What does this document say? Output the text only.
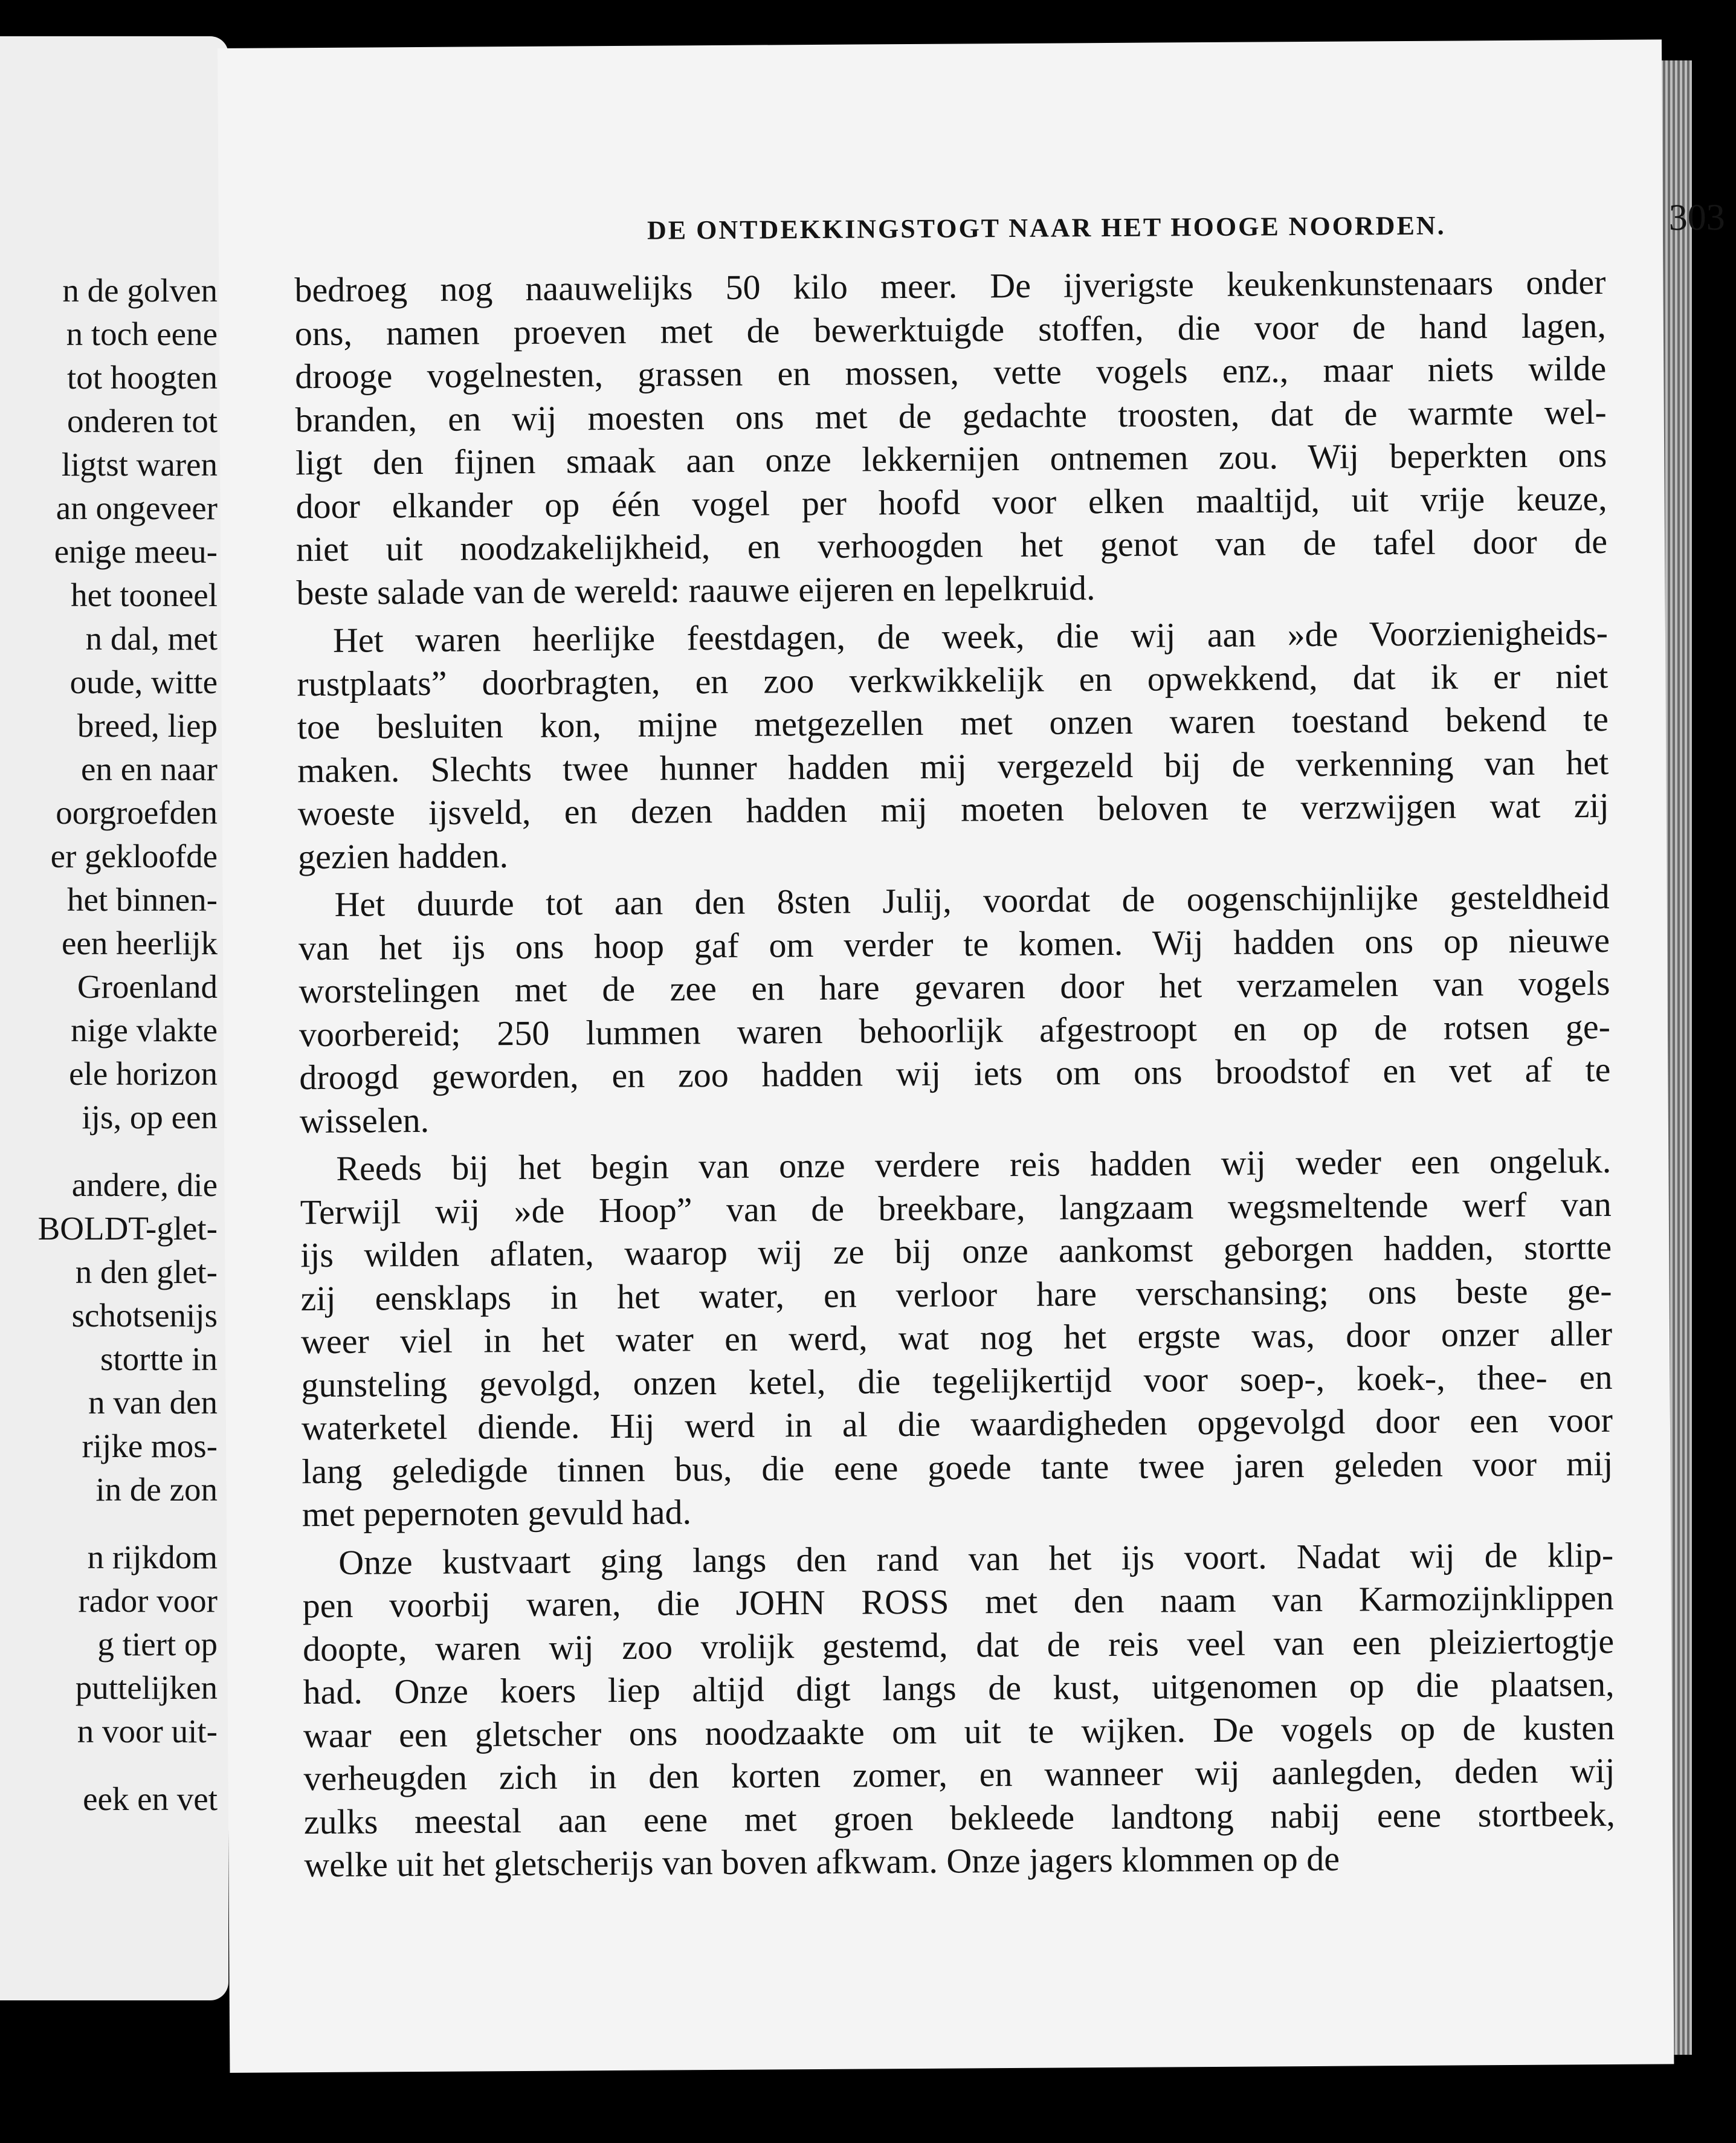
n de golven
n toch eene
tot hoogten
onderen tot
ligtst waren
an ongeveer
enige meeu-
het tooneel
n dal, met
oude, witte
breed, liep
en en naar
oorgroefden
er gekloofde
het binnen-
een heerlijk
Groenland
nige vlakte
ele horizon
ijs, op een
andere, die
BOLDT-glet-
n den glet-
schotsenijs
stortte in
n van den
rijke mos-
in de zon
n rijkdom
rador voor
g tiert op
puttelijken
n voor uit-
eek en vet
DE ONTDEKKINGSTOGT NAAR HET HOOGE NOORDEN.	303
bedroeg nog naauwelijks 50 kilo meer. De ijverigste keukenkunstenaars onder
ons, namen proeven met de bewerktuigde stoffen, die voor de hand lagen,
drooge vogelnesten, grassen en mossen, vette vogels enz., maar niets wilde
branden, en wij moesten ons met de gedachte troosten, dat de warmte wel-
ligt den fijnen smaak aan onze lekkernijen ontnemen zou. Wij beperkten ons
door elkander op één vogel per hoofd voor elken maaltijd, uit vrije keuze,
niet uit noodzakelijkheid, en verhoogden het genot van de tafel door de
beste salade van de wereld: raauwe eijeren en lepelkruid.
Het waren heerlijke feestdagen, de week, die wij aan »de Voorzienigheids-
rustplaats” doorbragten, en zoo verkwikkelijk en opwekkend, dat ik er niet
toe besluiten kon, mijne metgezellen met onzen waren toestand bekend te
maken. Slechts twee hunner hadden mij vergezeld bij de verkenning van het
woeste ijsveld, en dezen hadden mij moeten beloven te verzwijgen wat zij
gezien hadden.
Het duurde tot aan den 8sten Julij, voordat de oogenschijnlijke gesteldheid
van het ijs ons hoop gaf om verder te komen. Wij hadden ons op nieuwe
worstelingen met de zee en hare gevaren door het verzamelen van vogels
voorbereid; 250 lummen waren behoorlijk afgestroopt en op de rotsen ge-
droogd geworden, en zoo hadden wij iets om ons broodstof en vet af te
wisselen.
Reeds bij het begin van onze verdere reis hadden wij weder een ongeluk.
Terwijl wij »de Hoop” van de breekbare, langzaam wegsmeltende werf van
ijs wilden aflaten, waarop wij ze bij onze aankomst geborgen hadden, stortte
zij eensklaps in het water, en verloor hare verschansing; ons beste ge-
weer viel in het water en werd, wat nog het ergste was, door onzer aller
gunsteling gevolgd, onzen ketel, die tegelijkertijd voor soep-, koek-, thee- en
waterketel diende. Hij werd in al die waardigheden opgevolgd door een voor
lang geledigde tinnen bus, die eene goede tante twee jaren geleden voor mij
met pepernoten gevuld had.
Onze kustvaart ging langs den rand van het ijs voort. Nadat wij de klip-
pen voorbij waren, die JOHN ROSS met den naam van Karmozijnklippen
doopte, waren wij zoo vrolijk gestemd, dat de reis veel van een pleiziertogtje
had. Onze koers liep altijd digt langs de kust, uitgenomen op die plaatsen,
waar een gletscher ons noodzaakte om uit te wijken. De vogels op de kusten
verheugden zich in den korten zomer, en wanneer wij aanlegden, deden wij
zulks meestal aan eene met groen bekleede landtong nabij eene stortbeek,
welke uit het gletscherijs van boven afkwam. Onze jagers klommen op de
